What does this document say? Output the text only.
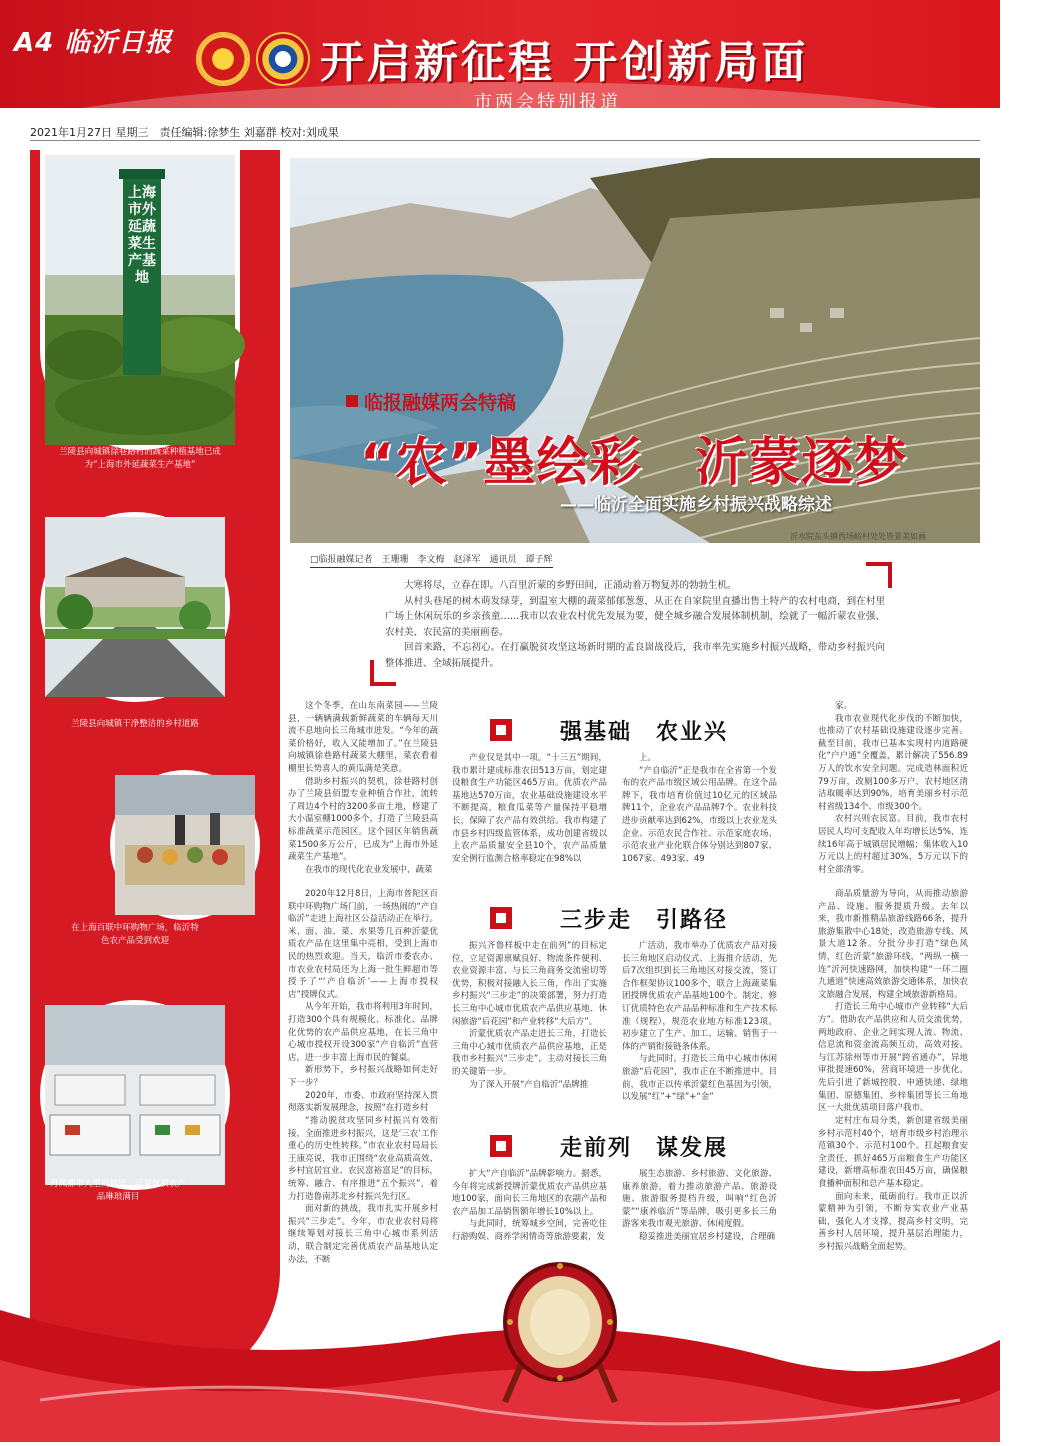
A4 临沂日报	开启新征程 开创新局面
市两会特别报道
2021年1月27日 星期三　责任编辑:徐梦生 刘嘉群 校对:刘成果
上海市外延蔬菜生产基地
兰陵县向城镇徐巷路村的蔬菜种植基地已成为“上海市外延蔬菜生产基地”
兰陵县向城镇干净整洁的乡村道路
在上海百联中环购物广场，临沂特色农产品受到欢迎
丹凤都市大型商超里，沂蒙优质农产品琳琅满目
临报融媒两会特稿
“农”墨绘彩　沂蒙逐梦
——临沂全面实施乡村振兴战略综述
沂水院东头镇西场峪村处处皆景美如画
□临报融媒记者　王珊珊　李文梅　赵泽军　通讯员　谭子辉

大寒将尽，立春在即。八百里沂蒙的乡野田间，正涌动着万物复苏的勃勃生机。

从村头巷尾的树木萌发绿芽，到温室大棚的蔬菜郁郁葱葱，从正在自家院里直播出售土特产的农村电商，到在村里广场上休闲玩乐的乡亲孩童……我市以农业农村优先发展为要，健全城乡融合发展体制机制，绘就了一幅沂蒙农业强、农村美、农民富的美丽画卷。

回首来路，不忘初心。在打赢脱贫攻坚这场新时期的孟良崮战役后，我市率先实施乡村振兴战略，带动乡村振兴向整体推进、全域拓展提升。

强基础　农业兴

这个冬季，在山东南菜园——兰陵县，一辆辆满载新鲜蔬菜的车辆每天川流不息地向长三角城市进发。“今年的蔬菜价格好，收入又能增加了。”在兰陵县向城镇徐巷路村蔬菜大棚里，菜农看着棚里长势喜人的黄瓜满是笑意。

借助乡村振兴的契机，徐巷路村创办了兰陵县佰盟专业种植合作社，流转了周边4个村的3200多亩土地，修建了大小温室棚1000多个，打造了兰陵县高标准蔬菜示范园区。这个园区年销售蔬菜1500多万公斤，已成为“上海市外延蔬菜生产基地”。

在我市的现代化农业发展中，蔬菜

产业仅是其中一项。“十三五”期间，我市累计建成标准农田513万亩，划定建设粮食生产功能区465万亩。优质农产品基地达570万亩，农业基础设施建设水平不断提高，粮食瓜菜等产量保持平稳增长，保障了农产品有效供给。我市构建了市县乡村四级监管体系，成功创建省级以上农产品质量安全县10个，农产品质量安全例行监测合格率稳定在98%以

上。

“产自临沂”正是我市在全省第一个发布的农产品市级区域公用品牌。在这个品牌下，我市培育价值过10亿元的区域品牌11个，企业农产品品牌7个。农业科技进步贡献率达到62%，市级以上农业龙头企业、示范农民合作社、示范家庭农场、示范农业产业化联合体分别达到807家、1067家、493家、49

家。

我市农业现代化步伐的不断加快，也推动了农村基础设施建设逐步完善。截至目前，我市已基本实现村内道路硬化“户户通”全覆盖，累计解决了556.89万人的饮水安全问题。完成造林面积近79万亩，改厕100多万户，农村地区清洁取暖率达到90%，培育美丽乡村示范村省级134个、市级300个。

农村兴则农民富。目前，我市农村居民人均可支配收入年均增长达5%，连续16年高于城镇居民增幅；集体收入10万元以上的村超过30%，5万元以下的村全部清零。

三步走　引路径

2020年12月8日，上海市普陀区百联中环购物广场门前，一场热闹的“产自临沂”走进上海社区公益活动正在举行。米、面、油、菜、水果等几百种沂蒙优质农产品在这里集中亮相，受到上海市民的热烈欢迎。当天，临沂市委农办、市农业农村局还为上海一批生鲜超市等授予了“‘产自临沂’——上海市授权店”授牌仪式。

从今年开始，我市将利用3年时间，打造300个具有规模化、标准化、品牌化优势的农产品供应基地，在长三角中心城市授权开设300家“产自临沂”直营店，进一步丰富上海市民的餐桌。

新形势下，乡村振兴战略如何走好下一步？

2020年，市委、市政府坚持深入贯彻落实新发展理念，按照“在打造乡村

振兴齐鲁样板中走在前列”的目标定位，立足资源禀赋良好、物流条件便利、农业资源丰富、与长三角商务交流密切等优势，积极对接融入长三角，作出了实施乡村振兴“三步走”的决策部署，努力打造长三角中心城市优质农产品供应基地、休闲旅游“后花园”和产业转移“大后方”。

沂蒙优质农产品走进长三角，打造长三角中心城市优质农产品供应基地，正是我市乡村振兴“三步走”，主动对接长三角的关键第一步。

为了深入开展“产自临沂”品牌推

广活动，我市举办了优质农产品对接长三角地区启动仪式、上海推介活动，先后7次组织到长三角地区对接交流，签订合作框架协议100多个，联合上海蔬菜集团授牌优质农产品基地100个。制定、修订优质特色农产品品种标准和生产技术标准（规程），规范农业地方标准123项。初步建立了生产、加工、运输、销售于一体的产销衔接链条体系。

与此同时，打造长三角中心城市休闲旅游“后花园”，我市正在不断推进中。目前，我市正以传承沂蒙红色基因为引领，以发展“红”+“绿”+“金”

商品质量游为导向，从而推动旅游产品、设施、服务提质升级。去年以来，我市新推精品旅游线路66条，提升旅游集散中心18处，改造旅游专线、风景大道12条。分批分步打造“绿色风情，红色沂蒙”旅游环线，“两纵一横一连”沂河快速路网，加快构建“一环二圈九通道”快速高效旅游交通体系，加快农文旅融合发展，构建全域旅游新格局。

打造长三角中心城市产业转移“大后方”。借助农产品供应和人员交流优势，两地政府、企业之间实现人流、物流、信息流和资金流高频互动，高效对接。与江苏徐州等市开展“跨省通办”，异地审批提速60%，营商环境进一步优化。先后引进了新城控股、申通快递、绿地集团、原德集团、乡梓集团等长三角地区一大批优质项目落户我市。

走前列　谋发展

“推动脱贫攻坚同乡村振兴有效衔接，全面推进乡村振兴，这是‘三农’工作重心的历史性转移。”市农业农村局局长王康亮说，我市正围绕“农业高质高效、乡村宜居宜业、农民富裕富足”的目标，统筹、融合、有序推进“五个振兴”，着力打造鲁南苏北乡村振兴先行区。

面对新的挑战，我市扎实开展乡村振兴“三步走”。今年，市农业农村局将继续筹划对接长三角中心城市系列活动，联合制定完善优质农产品基地认定办法，不断

扩大“产自临沂”品牌影响力。据悉，今年将完成新授牌沂蒙优质农产品供应基地100家，面向长三角地区的农副产品和农产品加工品销售额年增长10%以上。

与此同时，统筹城乡空间，完善吃住行游购娱、商养学闲情奇等旅游要素，发

展生态旅游、乡村旅游、文化旅游、康养旅游，着力推动旅游产品、旅游设施、旅游服务提档升级，叫响“红色沂蒙”“康养临沂”等品牌，吸引更多长三角游客来我市观光旅游、休闲度假。

稳妥推进美丽宜居乡村建设，合理确

定村庄布局分类，新创建省级美丽乡村示范村40个，培育市级乡村治理示范镇30个、示范村100个。扛起粮食安全责任，抓好465万亩粮食生产功能区建设，新增高标准农田45万亩，确保粮食播种面积和总产基本稳定。

面向未来，砥砺前行。我市正以沂蒙精神为引领，不断夯实农业产业基础，强化人才支撑，提高乡村文明，完善乡村人居环境，提升基层治理能力，乡村振兴战略全面起势。
